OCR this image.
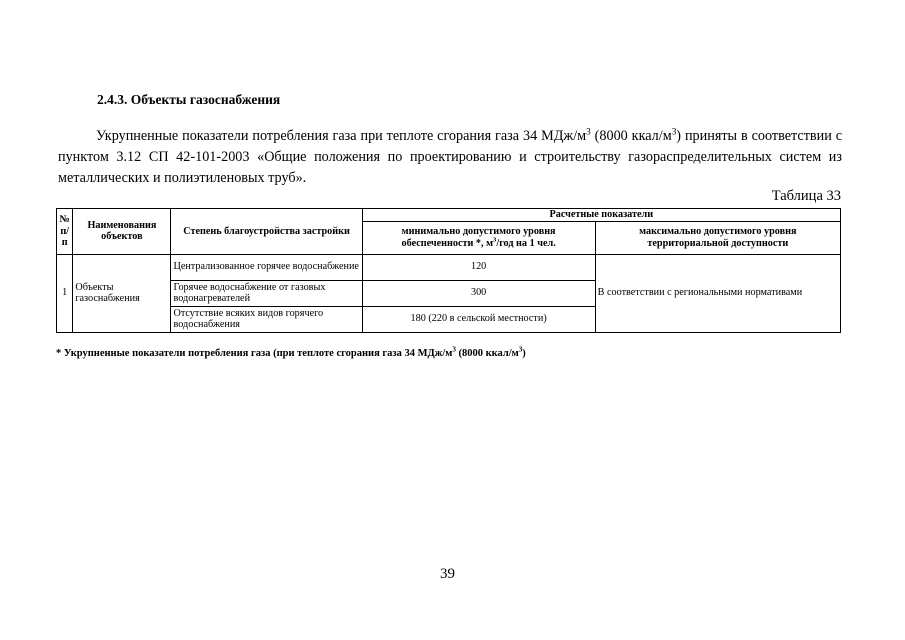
2.4.3. Объекты газоснабжения
Укрупненные показатели потребления газа при теплоте сгорания газа 34 МДж/$м^3$ (8000 ккал/$м^3$) приняты в соответствии с пунктом 3.12 СП 42-101-2003 «Общие положения по проектированию и строительству газораспределительных систем из металлических и полиэтиленовых труб».
Таблица 33
№ п/п	Наименования объектов	Степень благоустройства застройки	Расчетные показатели	
			минимально допустимого уровня обеспеченности *, $м^3$/год на 1 чел.	максимально допустимого уровня территориальной доступности
1	Объекты газоснабжения	Централизованное горячее водоснабжение	120	В соответствии с региональными нормативами
		Горячее водоснабжение от газовых водонагревателей	300	
		Отсутствие всяких видов горячего водоснабжения	180 (220 в сельской местности)	
* Укрупненные показатели потребления газа (при теплоте сгорания газа 34 МДж/$м^3$ (8000 ккал/$м^3$)
39
